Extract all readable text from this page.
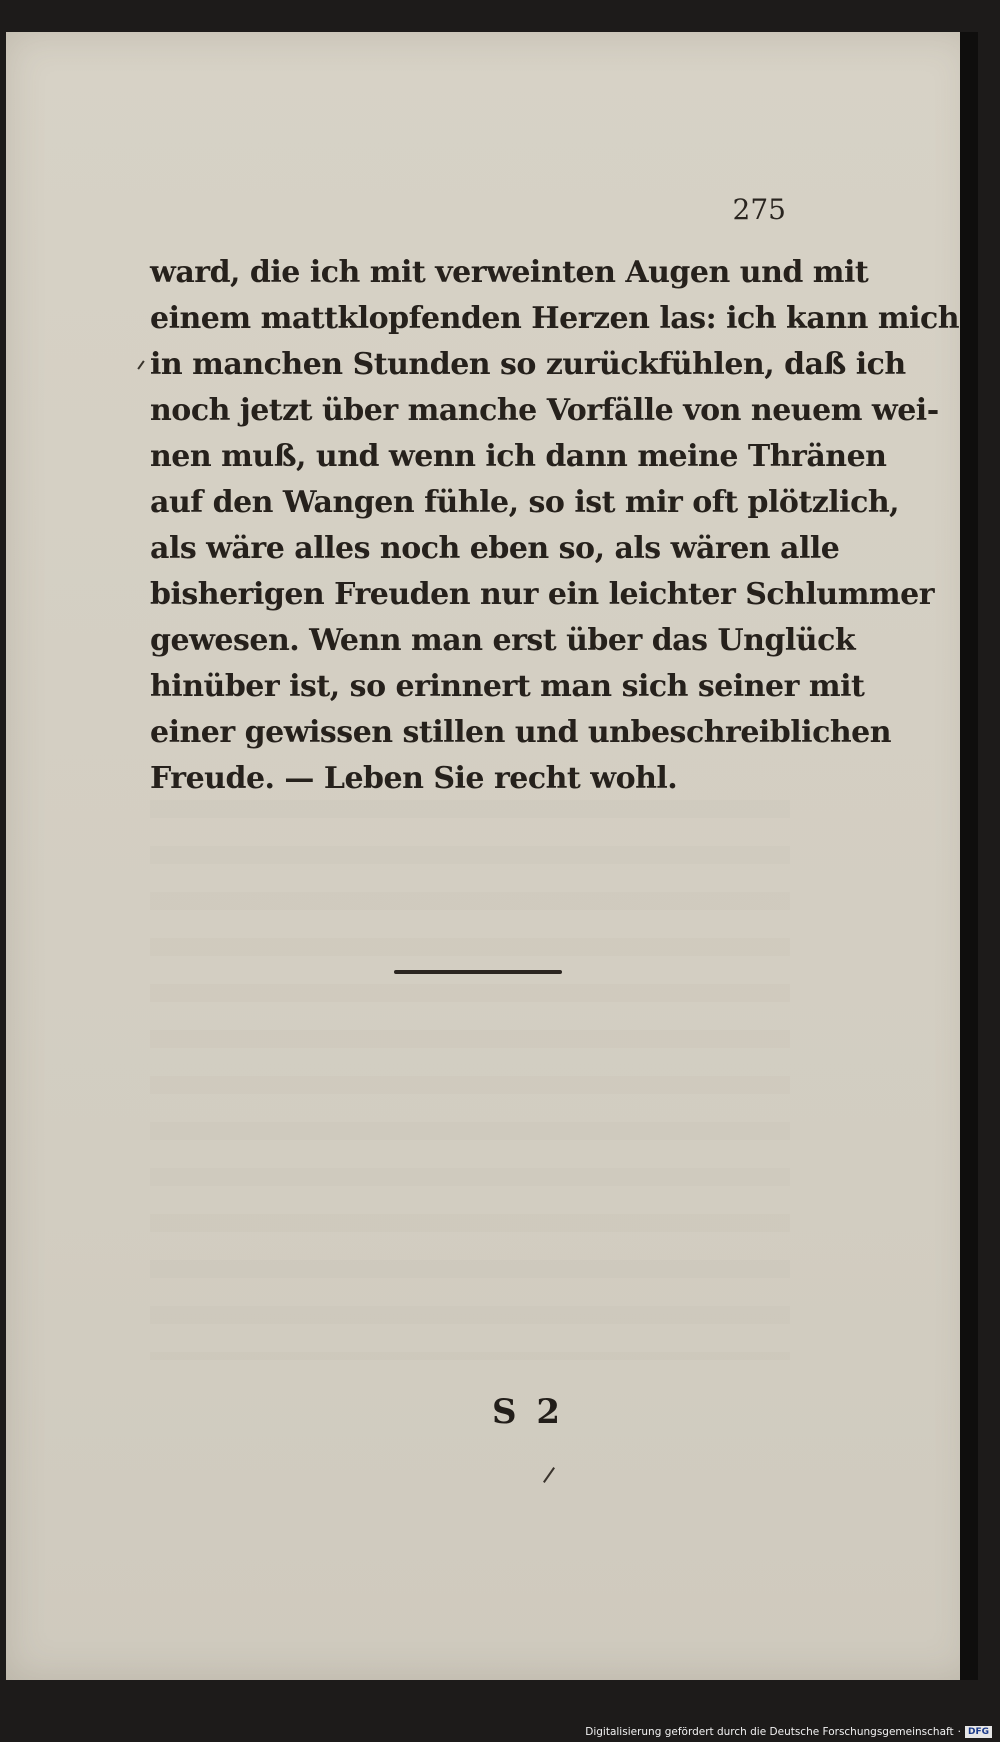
275
ward, die ich mit verweinten Augen und mit
einem mattklopfenden Herzen las: ich kann mich
in manchen Stunden so zurückfühlen, daß ich
noch jetzt über manche Vorfälle von neuem wei-
nen muß, und wenn ich dann meine Thränen
auf den Wangen fühle, so ist mir oft plötzlich,
als wäre alles noch eben so, als wären alle
bisherigen Freuden nur ein leichter Schlummer
gewesen. Wenn man erst über das Unglück
hinüber ist, so erinnert man sich seiner mit
einer gewissen stillen und unbeschreiblichen
Freude. — Leben Sie recht wohl.
S 2
Digitalisierung gefördert durch die Deutsche Forschungsgemeinschaft · DFG
